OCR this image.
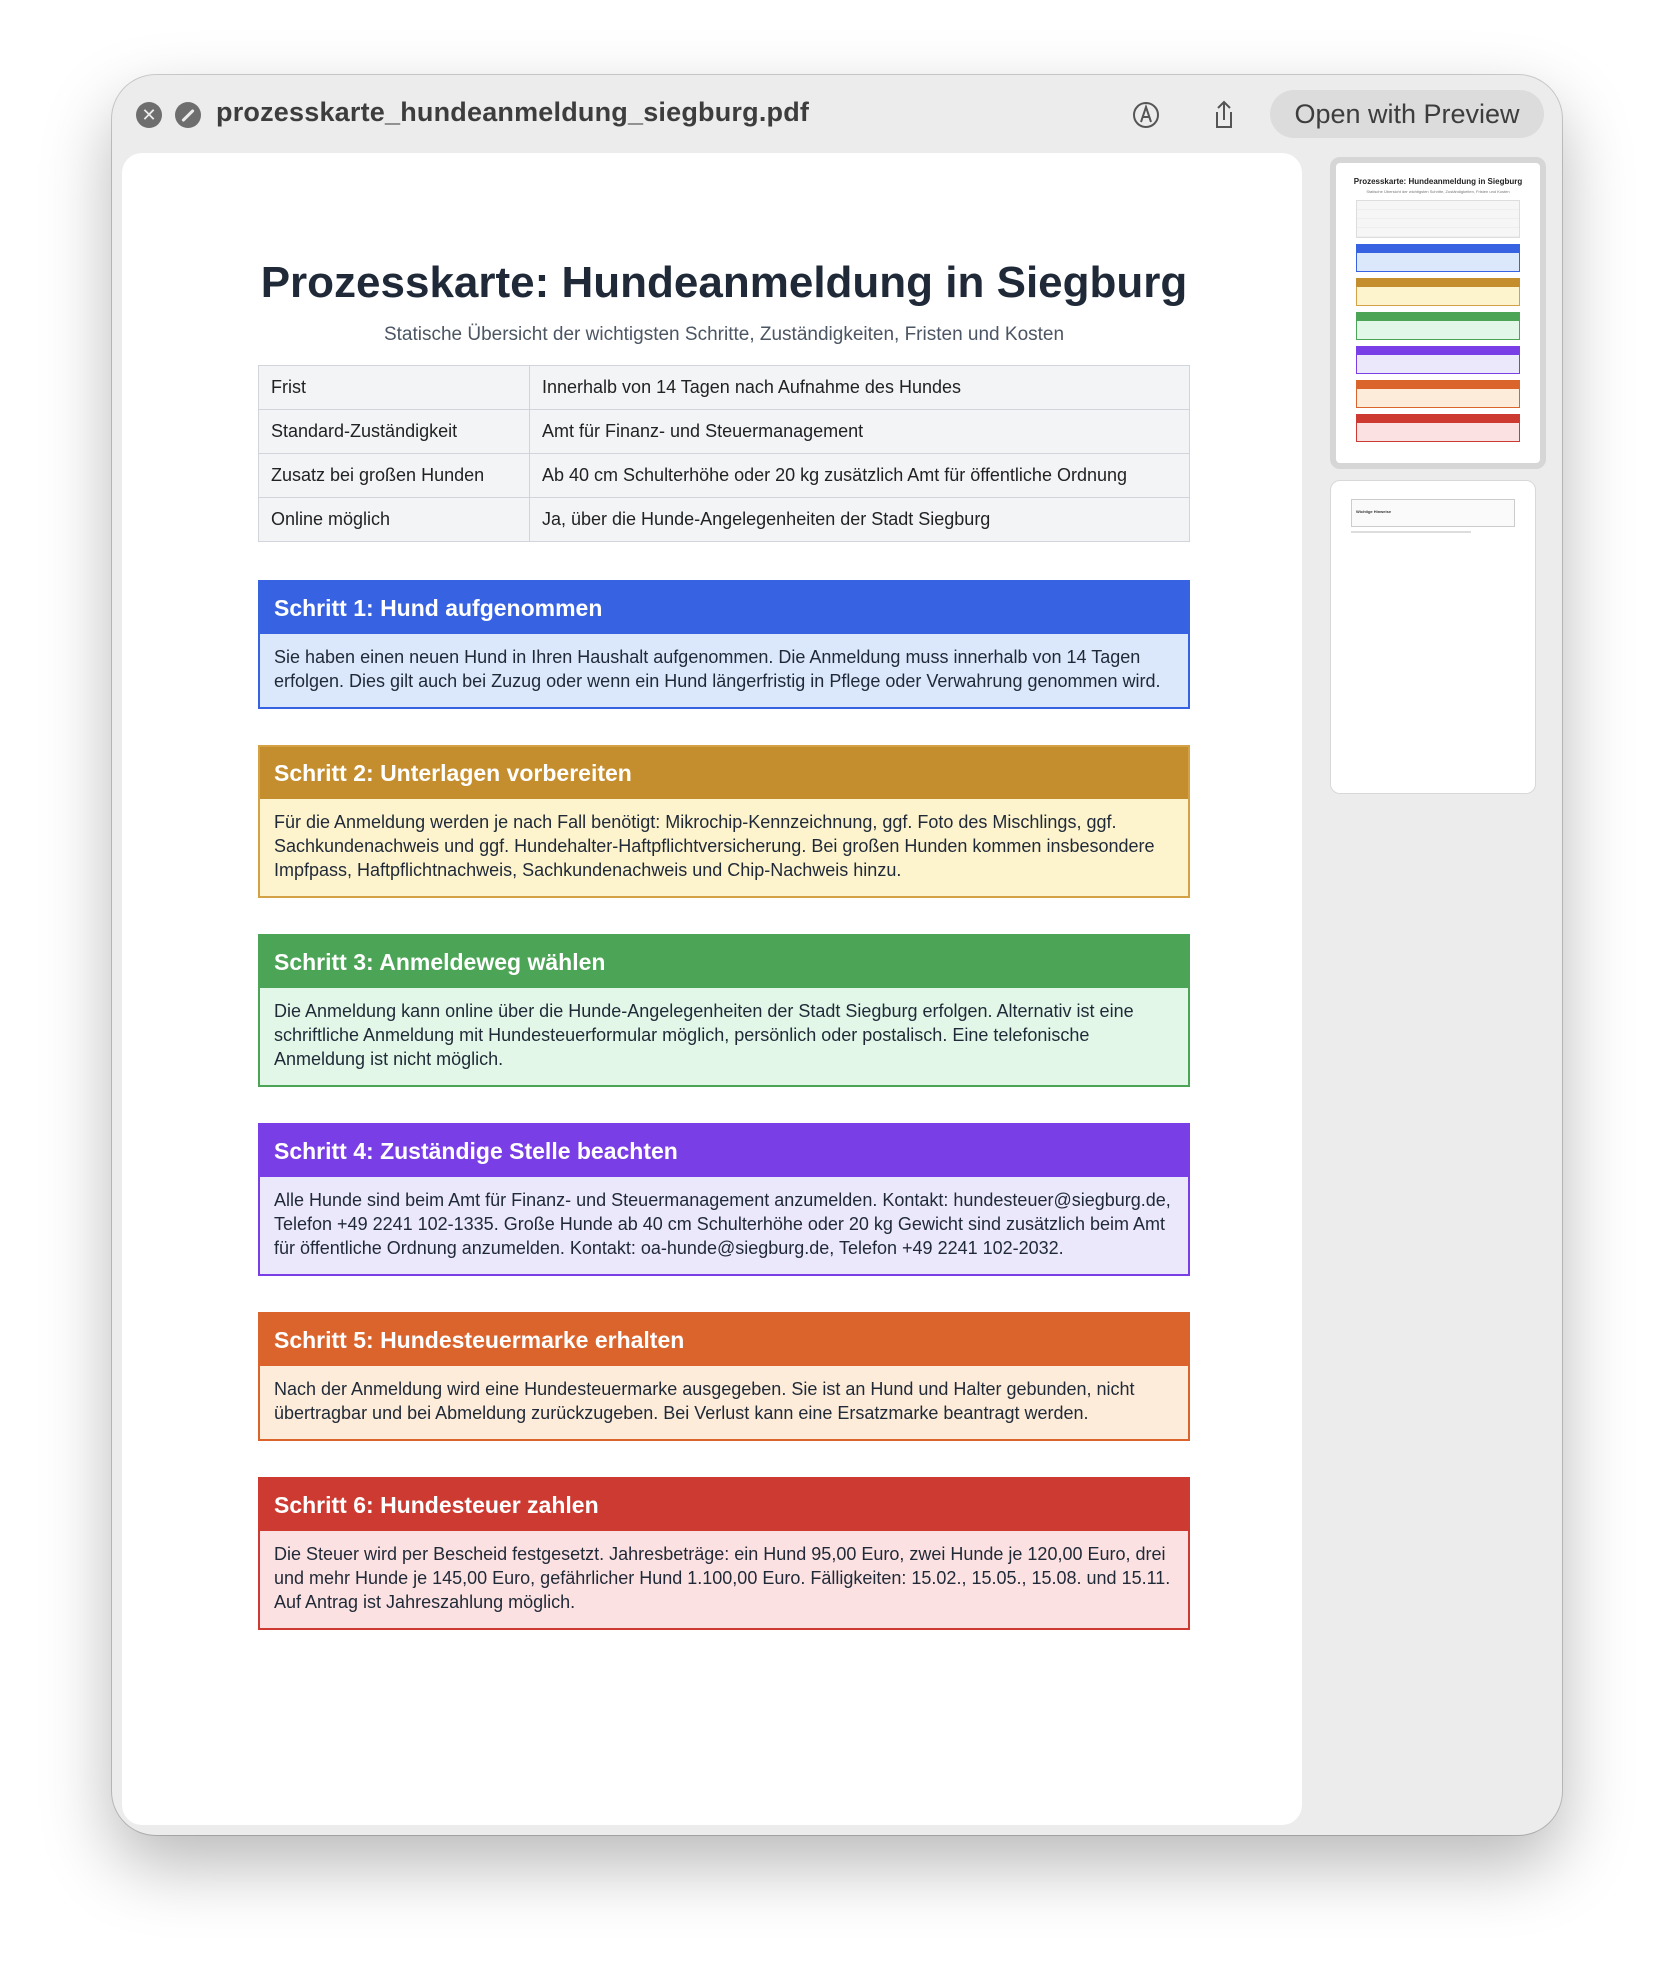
✕ prozesskarte_hundeanmeldung_siegburg.pdf	Open with Preview
Prozesskarte: Hundeanmeldung in Siegburg
Statische Übersicht der wichtigsten Schritte, Zuständigkeiten, Fristen und Kosten
Frist	Innerhalb von 14 Tagen nach Aufnahme des Hundes
Standard-Zuständigkeit	Amt für Finanz- und Steuermanagement
Zusatz bei großen Hunden	Ab 40 cm Schulterhöhe oder 20 kg zusätzlich Amt für öffentliche Ordnung
Online möglich	Ja, über die Hunde-Angelegenheiten der Stadt Siegburg
Schritt 1: Hund aufgenommen
Sie haben einen neuen Hund in Ihren Haushalt aufgenommen. Die Anmeldung muss innerhalb von 14 Tagen erfolgen. Dies gilt auch bei Zuzug oder wenn ein Hund längerfristig in Pflege oder Verwahrung genommen wird.
Schritt 2: Unterlagen vorbereiten
Für die Anmeldung werden je nach Fall benötigt: Mikrochip-Kennzeichnung, ggf. Foto des Mischlings, ggf. Sachkundenachweis und ggf. Hundehalter-Haftpflichtversicherung. Bei großen Hunden kommen insbesondere Impfpass, Haftpflichtnachweis, Sachkundenachweis und Chip-Nachweis hinzu.
Schritt 3: Anmeldeweg wählen
Die Anmeldung kann online über die Hunde-Angelegenheiten der Stadt Siegburg erfolgen. Alternativ ist eine schriftliche Anmeldung mit Hundesteuerformular möglich, persönlich oder postalisch. Eine telefonische Anmeldung ist nicht möglich.
Schritt 4: Zuständige Stelle beachten
Alle Hunde sind beim Amt für Finanz- und Steuermanagement anzumelden. Kontakt: hundesteuer@siegburg.de, Telefon +49 2241 102-1335. Große Hunde ab 40 cm Schulterhöhe oder 20 kg Gewicht sind zusätzlich beim Amt für öffentliche Ordnung anzumelden. Kontakt: oa-hunde@siegburg.de, Telefon +49 2241 102-2032.
Schritt 5: Hundesteuermarke erhalten
Nach der Anmeldung wird eine Hundesteuermarke ausgegeben. Sie ist an Hund und Halter gebunden, nicht übertragbar und bei Abmeldung zurückzugeben. Bei Verlust kann eine Ersatzmarke beantragt werden.
Schritt 6: Hundesteuer zahlen
Die Steuer wird per Bescheid festgesetzt. Jahresbeträge: ein Hund 95,00 Euro, zwei Hunde je 120,00 Euro, drei und mehr Hunde je 145,00 Euro, gefährlicher Hund 1.100,00 Euro. Fälligkeiten: 15.02., 15.05., 15.08. und 15.11. Auf Antrag ist Jahreszahlung möglich.
Prozesskarte: Hundeanmeldung in Siegburg
Statische Übersicht der wichtigsten Schritte, Zuständigkeiten, Fristen und Kosten
Wichtige Hinweise
